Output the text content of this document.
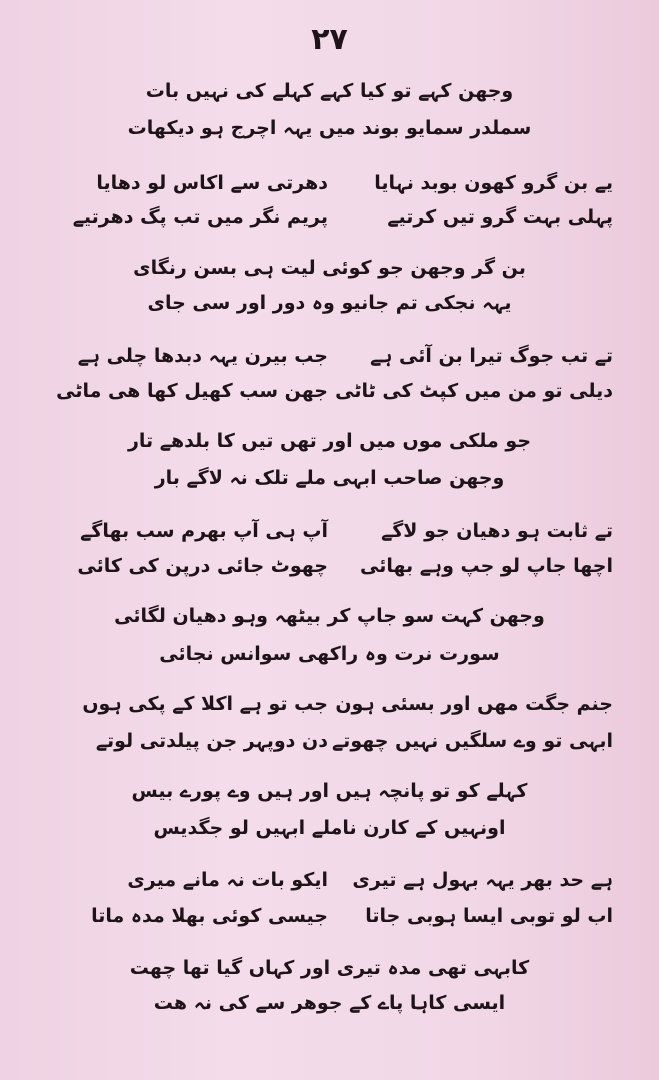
۲۷
وجھن کہے تو کیا کہے کہلے کی نہیں بات
سملدر سمایو بوند میں یہہ اچرج ہو دیکھات
یے بن گرو کھون بوبد نہایا
دھرتی سے اکاس لو دھایا
پہلی بہت گرو تیں کرتیے
پریم نگر میں تب پگ دھرتیے
بن گر وجھن جو کوئی لیت ہی بسن رنگای
یہہ نجکی تم جانیو وہ دور اور سی جای
تے تب جوگ تیرا بن آئی ہے
جب بیرن یہہ دبدھا چلی ہے
دیلی تو من میں کپٹ کی ٹاٹی
جھن سب کھیل کھا ھی ماٹی
جو ملکی موں میں اور تھں تیں کا بلدھے تار
وجھن صاحب ابہی ملے تلک نہ لاگے بار
تے ثابت ہو دھیان جو لاگے
آپ ہی آپ بھرم سب بھاگے
اچھا جاپ لو جپ وہے بھائی
چھوٹ جائی درپن کی کائی
وجھن کہت سو جاپ کر بیٹھہ وہو دھیان لگائی
سورت نرت وہ راکھی سوانس نجائی
جنم جگت مھں اور بسئی ہون
جب تو ہے اکلا کے پکی ہوں
ابہی تو وے سلگیں نہیں چھوتے
دن دوپہر جن پیلدتی لوتے
کہلے کو تو پانچہ ہیں اور ہیں وے پورے بیس
اونہیں کے کارن ناملے ابہیں لو جگدیس
ہے حد بھر یہہ بہول ہے تیری
ایکو بات نہ مانے میری
اب لو توبی ایسا ہوبی جاتا
جیسی کوئی بھلا مدہ ماتا
کابہی تھی مدہ تیری اور کہاں گیا تھا چھت
ایسی کاہا پاے کے جوھر سے کی نہ ھت
